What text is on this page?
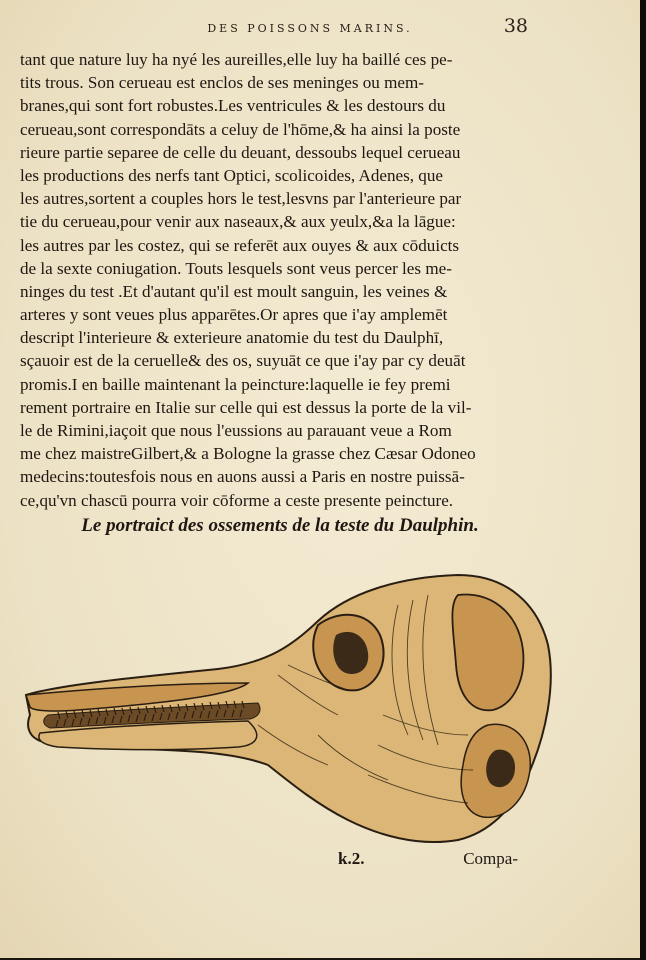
DES POISSONS MARINS.	38
tant que nature luy ha nyé les aureilles,elle luy ha baillé ces pe-
tits trous. Son cerueau est enclos de ses meninges ou mem-
branes,qui sont fort robustes.Les ventricules & les destours du
cerueau,sont correspondāts a celuy de l'hōme,& ha ainsi la poste
rieure partie separee de celle du deuant, dessoubs lequel cerueau
les productions des nerfs tant Optici, scolicoides, Adenes, que
les autres,sortent a couples hors le test,lesvns par l'anterieure par
tie du cerueau,pour venir aux naseaux,& aux yeulx,&a la lāgue:
les autres par les costez, qui se referēt aux ouyes & aux cōduicts
de la sexte coniugation. Touts lesquels sont veus percer les me-
ninges du test .Et d'autant qu'il est moult sanguin, les veines &
arteres y sont veues plus apparētes.Or apres que i'ay amplemēt
descript l'interieure & exterieure anatomie du test du Daulphī,
sçauoir est de la ceruelle& des os, suyuāt ce que i'ay par cy deuāt
promis.I en baille maintenant la peincture:laquelle ie fey premi
rement portraire en Italie sur celle qui est dessus la porte de la vil-
le de Rimini,iaçoit que nous l'eussions au parauant veue a Rom
me chez maistreGilbert,& a Bologne la grasse chez Cæsar Odoneo
medecins:toutesfois nous en auons aussi a Paris en nostre puissā-
ce,qu'vn chascū pourra voir cōforme a ceste presente peincture.
Le portraict des ossements de la teste du Daulphin.
k.2.	Compa-
